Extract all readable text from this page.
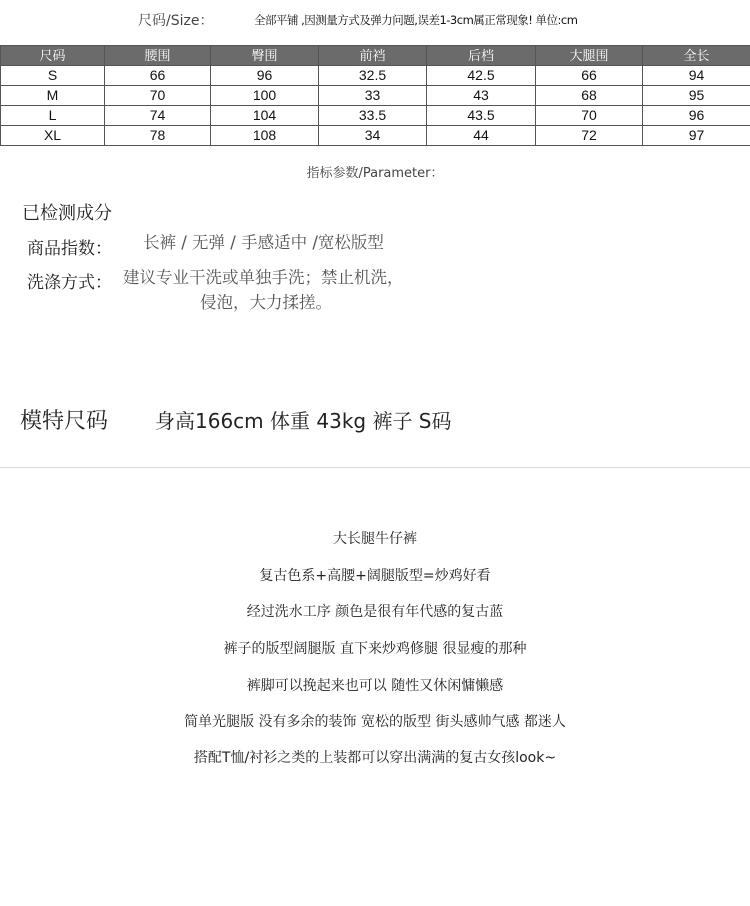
尺码/Size：	全部平铺 ,因测量方式及弹力问题,误差1-3cm属正常现象! 单位:cm
尺码	腰围	臀围	前裆	后档	大腿围	全长
S	66	96	32.5	42.5	66	94
M	70	100	33	43	68	95
L	74	104	33.5	43.5	70	96
XL	78	108	34	44	72	97
指标参数/Parameter：
已检测成分
商品指数： 长裤 / 无弹 / 手感适中 /宽松版型
洗涤方式： 建议专业干洗或单独手洗；禁止机洗，
侵泡，大力揉搓。
模特尺码 身高166cm 体重 43kg 裤子 S码
大长腿牛仔裤
复古色系+高腰+阔腿版型=炒鸡好看
经过洗水工序 颜色是很有年代感的复古蓝
裤子的版型阔腿版 直下来炒鸡修腿 很显瘦的那种
裤脚可以挽起来也可以 随性又休闲慵懒感
简单光腿版 没有多余的装饰 宽松的版型 街头感帅气感 都迷人
搭配T恤/衬衫之类的上装都可以穿出满满的复古女孩look~
